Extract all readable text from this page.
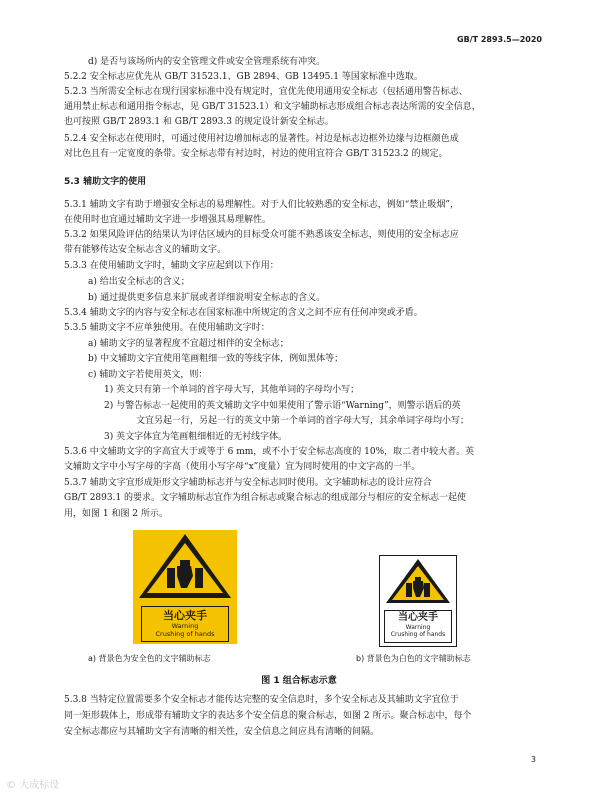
GB/T 2893.5—2020
d) 是否与该场所内的安全管理文件或安全管理系统有冲突。
5.2.2 安全标志应优先从 GB/T 31523.1、GB 2894、GB 13495.1 等国家标准中选取。
5.2.3 当所需安全标志在现行国家标准中没有规定时，宜优先使用通用安全标志（包括通用警告标志、
通用禁止标志和通用指令标志，见 GB/T 31523.1）和文字辅助标志形成组合标志表达所需的安全信息，
也可按照 GB/T 2893.1 和 GB/T 2893.3 的规定设计新安全标志。
5.2.4 安全标志在使用时，可通过使用衬边增加标志的显著性。衬边是标志边框外边缘与边框颜色成
对比色且有一定宽度的条带。安全标志带有衬边时，衬边的使用宜符合 GB/T 31523.2 的规定。
5.3 辅助文字的使用
5.3.1 辅助文字有助于增强安全标志的易理解性。对于人们比较熟悉的安全标志，例如“禁止吸烟”，
在使用时也宜通过辅助文字进一步增强其易理解性。
5.3.2 如果风险评估的结果认为评估区域内的目标受众可能不熟悉该安全标志，则使用的安全标志应
带有能够传达安全标志含义的辅助文字。
5.3.3 在使用辅助文字时，辅助文字应起到以下作用：
a) 给出安全标志的含义；
b) 通过提供更多信息来扩展或者详细说明安全标志的含义。
5.3.4 辅助文字的内容与安全标志在国家标准中所规定的含义之间不应有任何冲突或矛盾。
5.3.5 辅助文字不应单独使用。在使用辅助文字时：
a) 辅助文字的显著程度不宜超过相伴的安全标志；
b) 中文辅助文字宜使用笔画粗细一致的等线字体，例如黑体等；
c) 辅助文字若使用英文，则：
1) 英文只有第一个单词的首字母大写，其他单词的字母均小写；
2) 与警告标志一起使用的英文辅助文字中如果使用了警示语“Warning”，则警示语后的英
文宜另起一行，另起一行的英文中第一个单词的首字母大写，其余单词字母均小写；
3) 英文字体宜为笔画粗细相近的无衬线字体。
5.3.6 中文辅助文字的字高宜大于或等于 6 mm，或不小于安全标志高度的 10%，取二者中较大者。英
文辅助文字中小写字母的字高（使用小写字母“x”度量）宜为同时使用的中文字高的一半。
5.3.7 辅助文字宜形成矩形文字辅助标志并与安全标志同时使用。文字辅助标志的设计应符合
GB/T 2893.1 的要求。文字辅助标志宜作为组合标志或聚合标志的组成部分与相应的安全标志一起使
用，如图 1 和图 2 所示。
当心夹手
Warning
Crushing of hands
当心夹手
Warning
Crushing of hands
a) 背景色为安全色的文字辅助标志	b) 背景色为白色的文字辅助标志
图 1 组合标志示意
5.3.8 当特定位置需要多个安全标志才能传达完整的安全信息时，多个安全标志及其辅助文字宜位于
同一矩形载体上，形成带有辅助文字的表达多个安全信息的聚合标志，如图 2 所示。聚合标志中，每个
安全标志都应与其辅助文字有清晰的相关性，安全信息之间应具有清晰的间隔。
3
© 大成标设
